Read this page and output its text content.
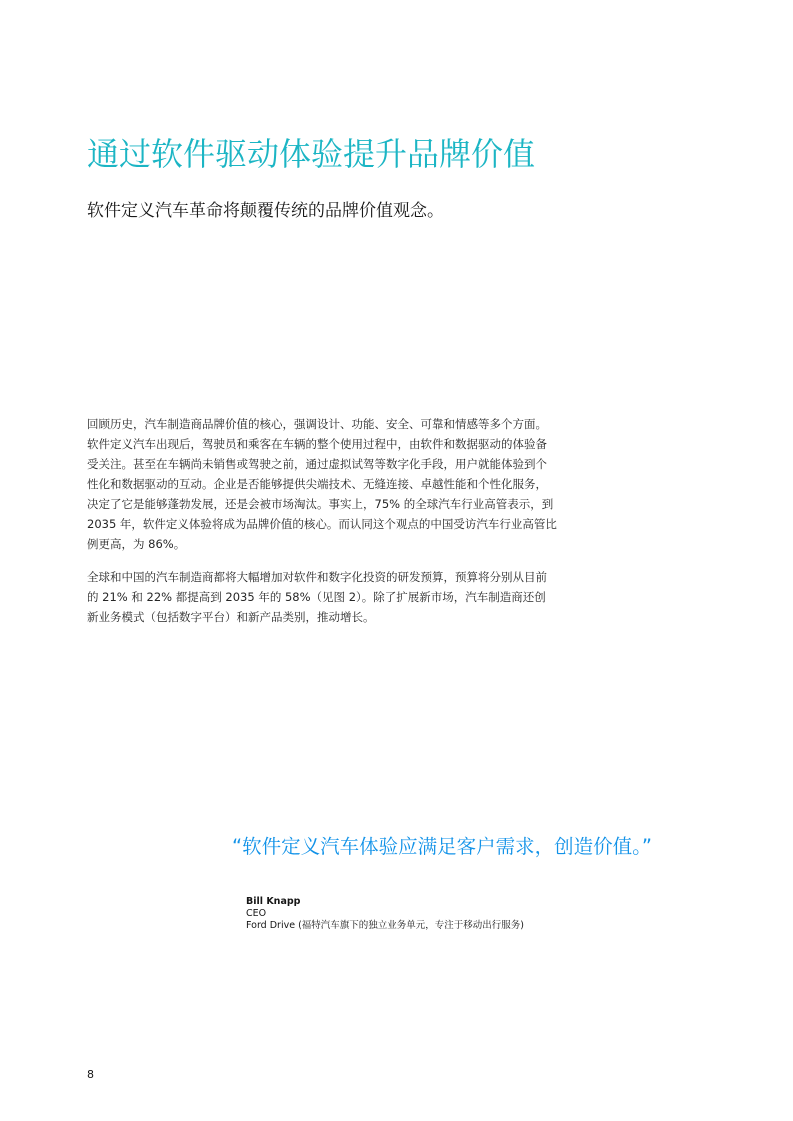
通过软件驱动体验提升品牌价值

软件定义汽车革命将颠覆传统的品牌价值观念。

回顾历史，汽车制造商品牌价值的核心，强调设计、功能、安全、可靠和情感等多个方面。软件定义汽车出现后，驾驶员和乘客在车辆的整个使用过程中，由软件和数据驱动的体验备受关注。甚至在车辆尚未销售或驾驶之前，通过虚拟试驾等数字化手段，用户就能体验到个性化和数据驱动的互动。企业是否能够提供尖端技术、无缝连接、卓越性能和个性化服务，决定了它是能够蓬勃发展，还是会被市场淘汰。事实上，75% 的全球汽车行业高管表示，到 2035 年，软件定义体验将成为品牌价值的核心。而认同这个观点的中国受访汽车行业高管比例更高，为 86%。

全球和中国的汽车制造商都将大幅增加对软件和数字化投资的研发预算，预算将分别从目前的 21% 和 22% 都提高到 2035 年的 58%（见图 2）。除了扩展新市场，汽车制造商还创新业务模式（包括数字平台）和新产品类别，推动增长。

“软件定义汽车体验应满足客户需求，创造价值。”

Bill Knapp
CEO
Ford Drive (福特汽车旗下的独立业务单元，专注于移动出行服务)
8
